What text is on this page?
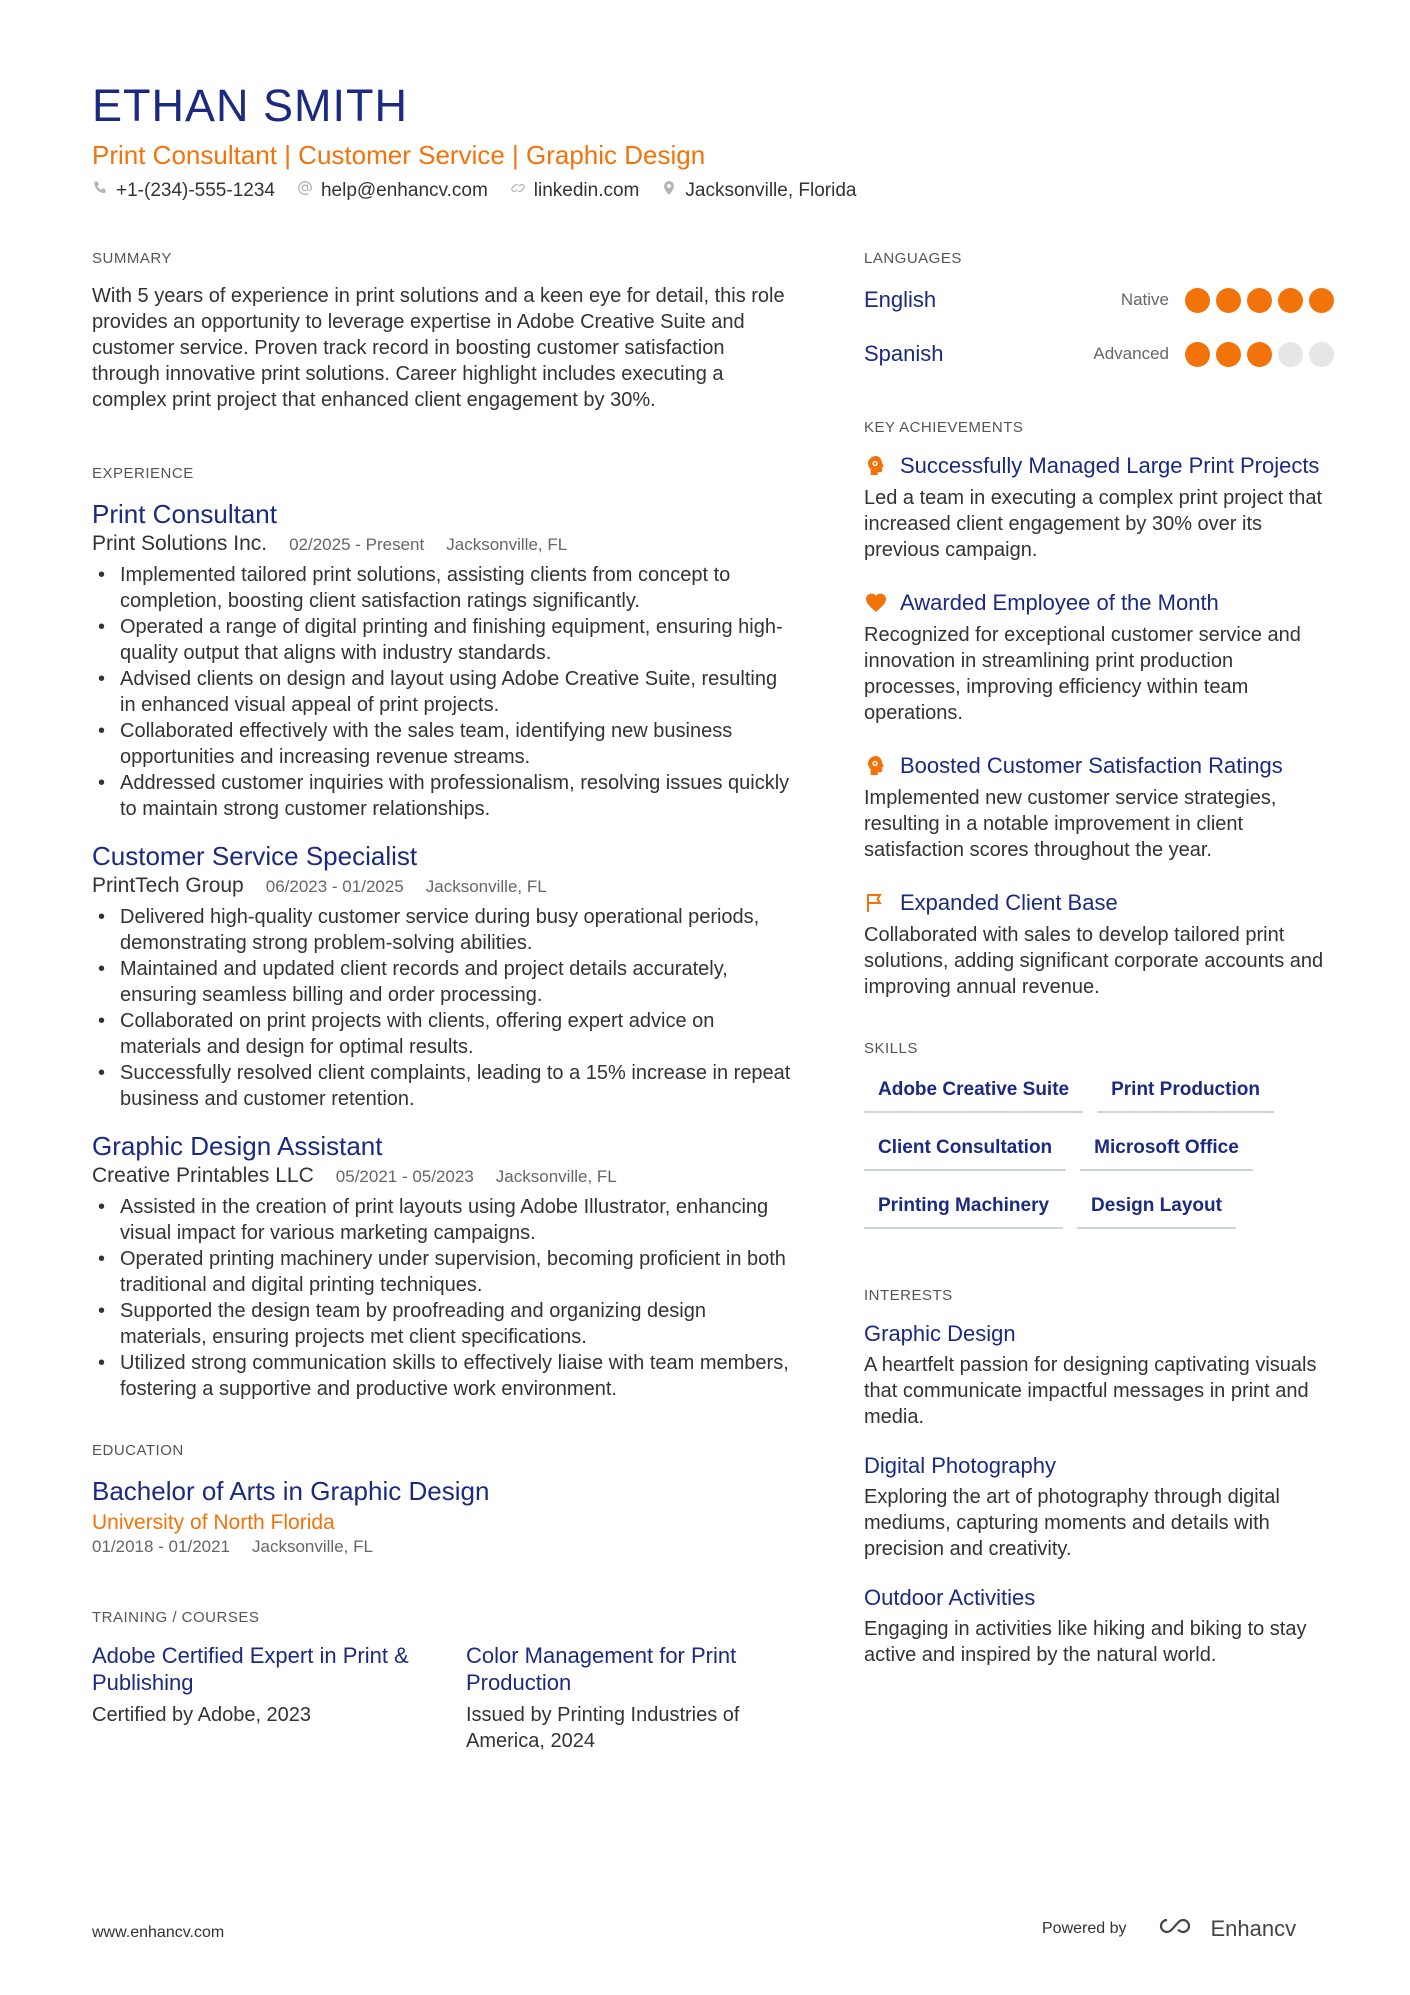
ETHAN SMITH
Print Consultant | Customer Service | Graphic Design
+1-(234)-555-1234 help@enhancv.com linkedin.com Jacksonville, Florida
SUMMARY

With 5 years of experience in print solutions and a keen eye for detail, this role provides an opportunity to leverage expertise in Adobe Creative Suite and customer service. Proven track record in boosting customer satisfaction through innovative print solutions. Career highlight includes executing a complex print project that enhanced client engagement by 30%.

EXPERIENCE
Print Consultant
Print Solutions Inc. 02/2025 - Present Jacksonville, FL
• Implemented tailored print solutions, assisting clients from concept to completion, boosting client satisfaction ratings significantly.
• Operated a range of digital printing and finishing equipment, ensuring high-quality output that aligns with industry standards.
• Advised clients on design and layout using Adobe Creative Suite, resulting in enhanced visual appeal of print projects.
• Collaborated effectively with the sales team, identifying new business opportunities and increasing revenue streams.
• Addressed customer inquiries with professionalism, resolving issues quickly to maintain strong customer relationships.
Customer Service Specialist
PrintTech Group 06/2023 - 01/2025 Jacksonville, FL
• Delivered high-quality customer service during busy operational periods, demonstrating strong problem-solving abilities.
• Maintained and updated client records and project details accurately, ensuring seamless billing and order processing.
• Collaborated on print projects with clients, offering expert advice on materials and design for optimal results.
• Successfully resolved client complaints, leading to a 15% increase in repeat business and customer retention.
Graphic Design Assistant
Creative Printables LLC 05/2021 - 05/2023 Jacksonville, FL
• Assisted in the creation of print layouts using Adobe Illustrator, enhancing visual impact for various marketing campaigns.
• Operated printing machinery under supervision, becoming proficient in both traditional and digital printing techniques.
• Supported the design team by proofreading and organizing design materials, ensuring projects met client specifications.
• Utilized strong communication skills to effectively liaise with team members, fostering a supportive and productive work environment.
EDUCATION
Bachelor of Arts in Graphic Design
University of North Florida
01/2018 - 01/2021 Jacksonville, FL
TRAINING / COURSES
Adobe Certified Expert in Print & Publishing
Certified by Adobe, 2023
Color Management for Print Production
Issued by Printing Industries of America, 2024
LANGUAGES
English	Native
Spanish	Advanced
KEY ACHIEVEMENTS
Successfully Managed Large Print Projects
Led a team in executing a complex print project that increased client engagement by 30% over its previous campaign.
Awarded Employee of the Month
Recognized for exceptional customer service and innovation in streamlining print production processes, improving efficiency within team operations.
Boosted Customer Satisfaction Ratings
Implemented new customer service strategies, resulting in a notable improvement in client satisfaction scores throughout the year.
Expanded Client Base
Collaborated with sales to develop tailored print solutions, adding significant corporate accounts and improving annual revenue.
SKILLS
Adobe Creative Suite	Print Production
Client Consultation	Microsoft Office
Printing Machinery	Design Layout
INTERESTS
Graphic Design
A heartfelt passion for designing captivating visuals that communicate impactful messages in print and media.
Digital Photography
Exploring the art of photography through digital mediums, capturing moments and details with precision and creativity.
Outdoor Activities
Engaging in activities like hiking and biking to stay active and inspired by the natural world.
www.enhancv.com	Powered by	Enhancv
